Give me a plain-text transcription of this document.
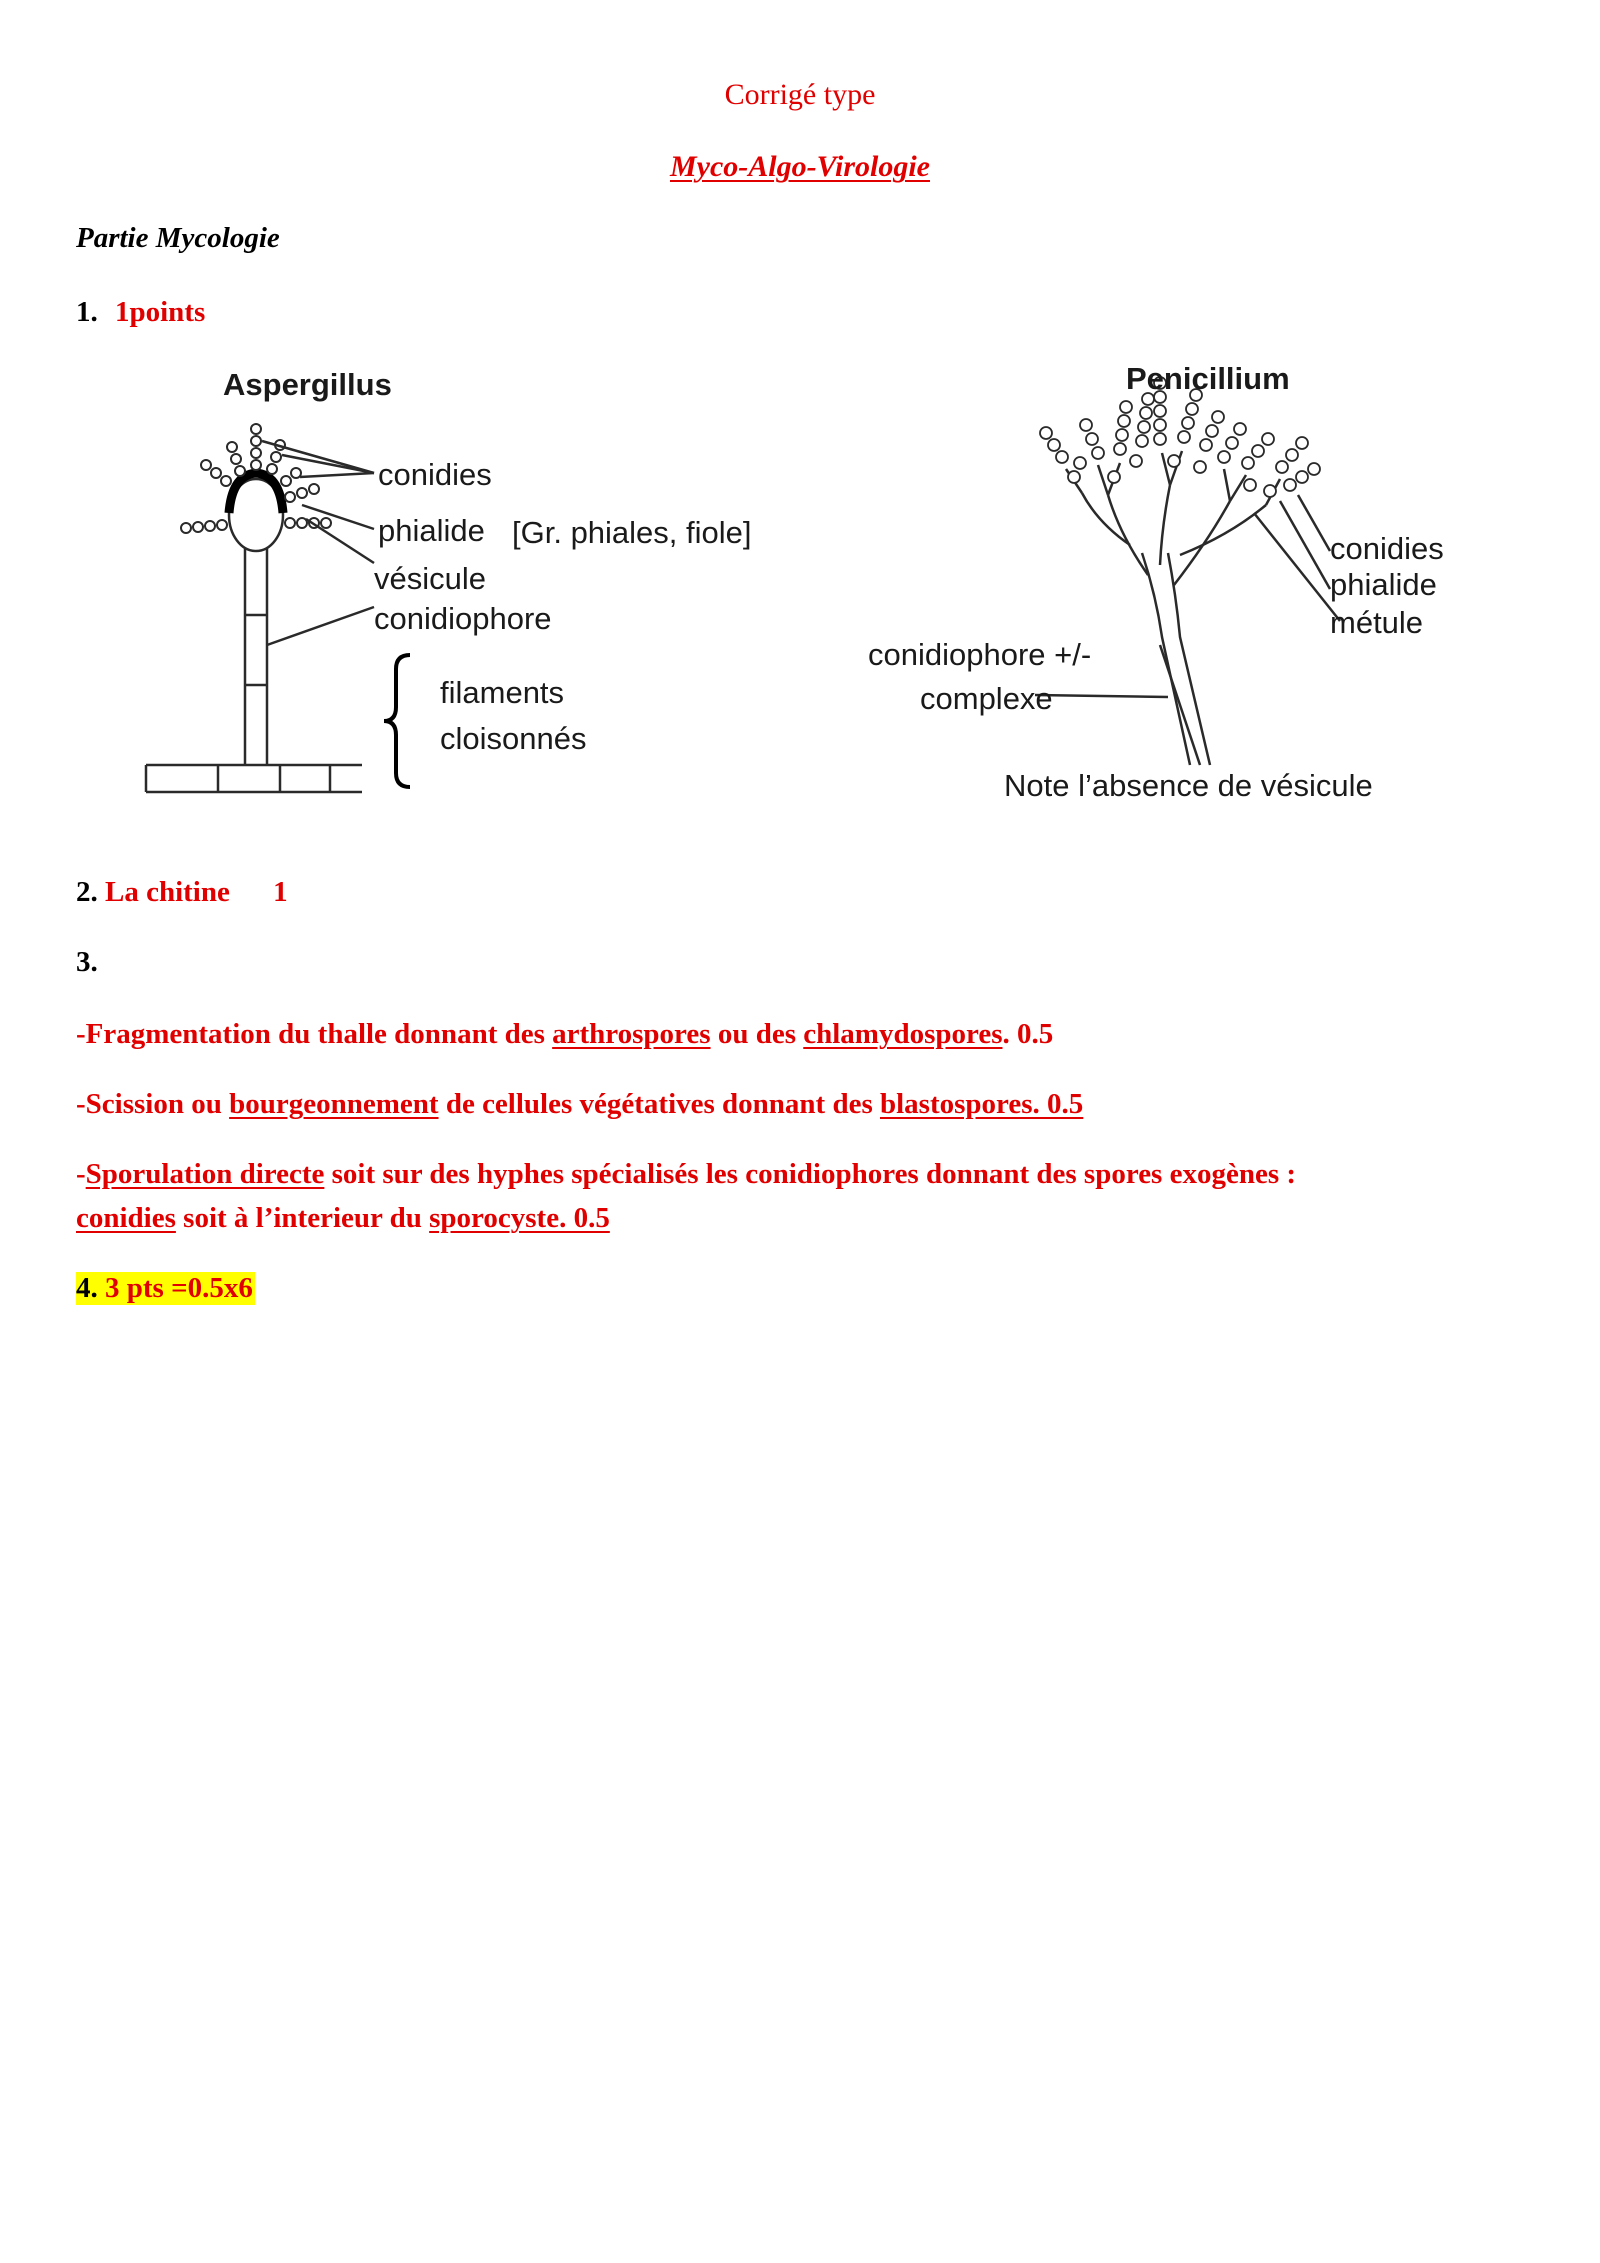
Corrigé type
Myco-Algo-Virologie
Partie Mycologie
1. 1points
Aspergillus
conidies
phialide [Gr. phiales, fiole]
vésicule
conidiophore
filaments
cloisonnés
Penicillium
conidies
phialide
métule
conidiophore +/-
complexe
Note l’absence de vésicule
2. La chitine 1
3.
-Fragmentation du thalle donnant des arthrospores ou des chlamydospores. 0.5
-Scission ou bourgeonnement de cellules végétatives donnant des blastospores. 0.5
-Sporulation directe soit sur des hyphes spécialisés les conidiophores donnant des spores exogènes :
conidies soit à l’interieur du sporocyste. 0.5
4. 3 pts =0.5x6
